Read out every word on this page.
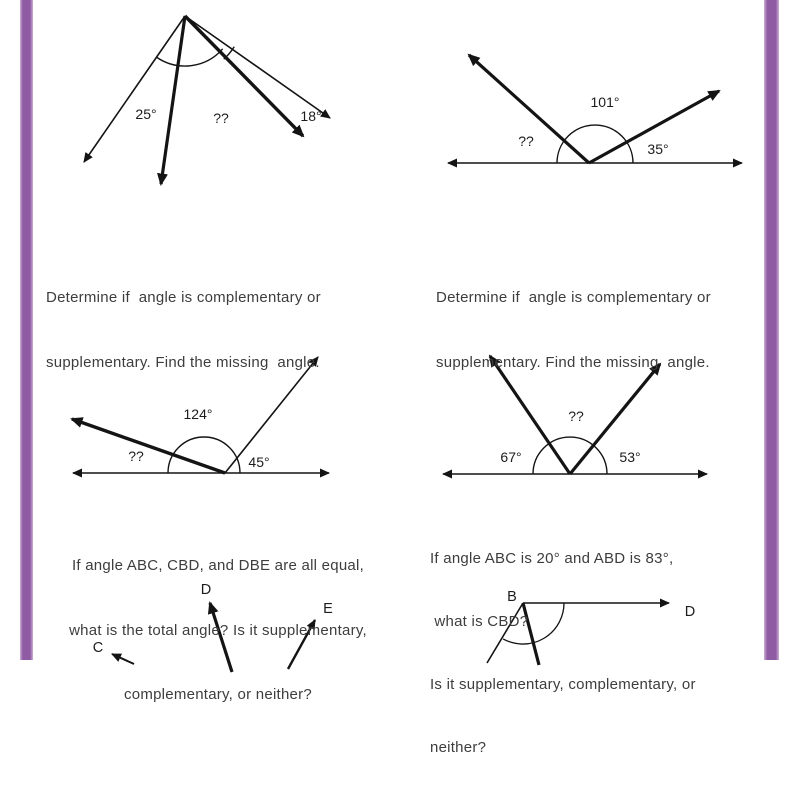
25°	??	18°
101°
??	35°
124°
??	45°
??
67°	53°
D
E
C
B
D

Determine if  angle is complementary or

supplementary. Find the missing  angle.

Determine if  angle is complementary or

supplementary. Find the missing  angle.

If angle ABC, CBD, and DBE are all equal,

what is the total angle? Is it supplementary,

complementary, or neither?

If angle ABC is 20° and ABD is 83°,

what is CBD?

Is it supplementary, complementary, or

neither?
